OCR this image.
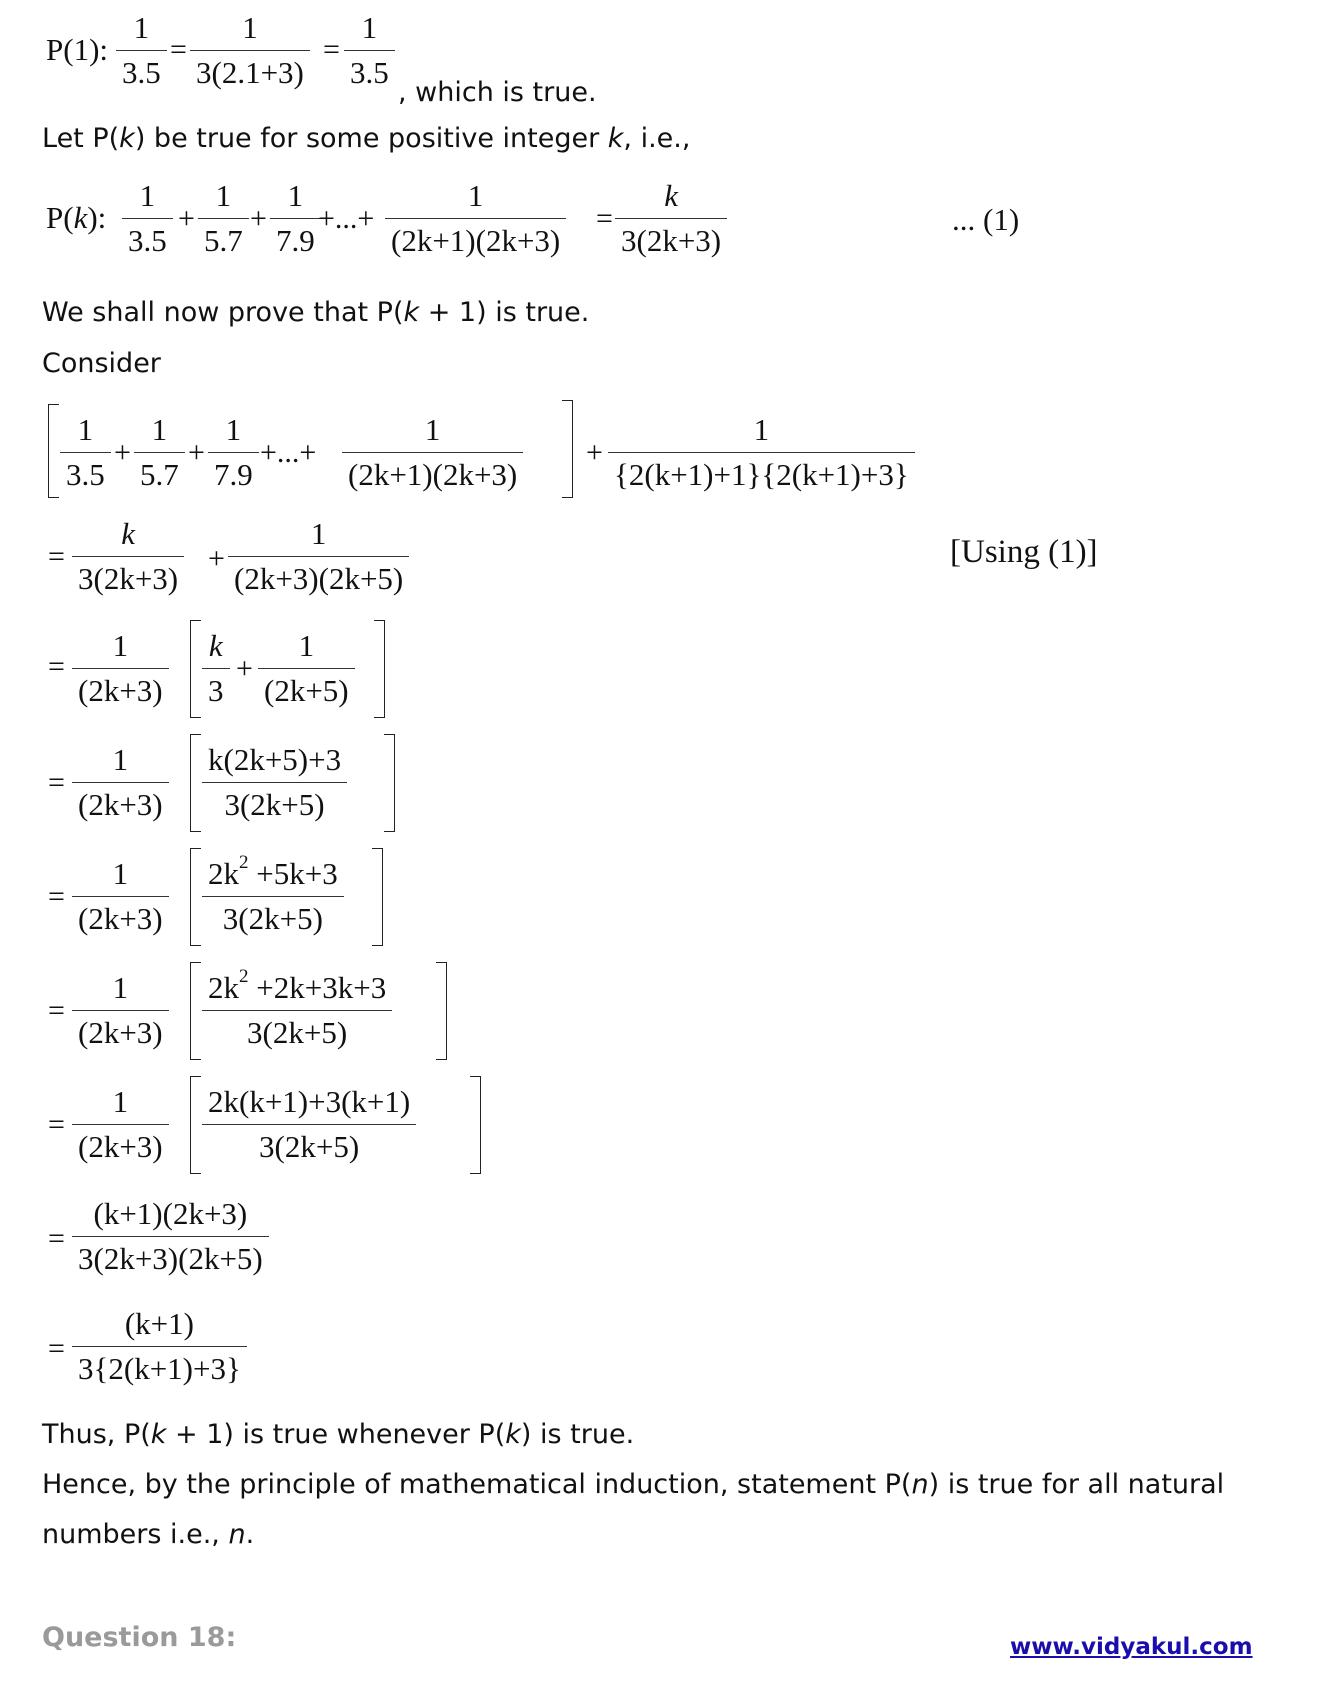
P(1): $\frac{1}{3.5} = \frac{1}{3(2.1+3)} = \frac{1}{3.5}$
, which is true.
Let P(k) be true for some positive integer k, i.e.,
P(k): $\frac{1}{3.5} + \frac{1}{5.7} + \frac{1}{7.9}$
+...+ $\frac{1}{(2k+1)(2k+3)} = \frac{k}{3(2k+3)}$	... (1)
We shall now prove that P(k + 1) is true.
Consider
$\frac{1}{3.5} + \frac{1}{5.7} + \frac{1}{7.9}$ +...+ $\frac{1}{(2k+1)(2k+3)} + \frac{1}{\{2(k+1)+1\}\{2(k+1)+3\}}$
= $\frac{k}{3(2k+3)} + \frac{1}{(2k+3)(2k+5)}$	[Using (1)]
= $\frac{1}{(2k+3)} \frac{k}{3} + \frac{1}{(2k+5)}$
= $\frac{1}{(2k+3)} \frac{k(2k+5)+3}{3(2k+5)}$
= $\frac{1}{(2k+3)} \frac{2k^2 +5k+3}{3(2k+5)}$
= $\frac{1}{(2k+3)} \frac{2k^2 +2k+3k+3}{3(2k+5)}$
= $\frac{1}{(2k+3)} \frac{2k(k+1)+3(k+1)}{3(2k+5)}$
= $\frac{(k+1)(2k+3)}{3(2k+3)(2k+5)}$
= $\frac{(k+1)}{3\{2(k+1)+3\}}$
Thus, P(k + 1) is true whenever P(k) is true.
Hence, by the principle of mathematical induction, statement P(n) is true for all natural
numbers i.e., n.
Question 18:	www.vidyakul.com
